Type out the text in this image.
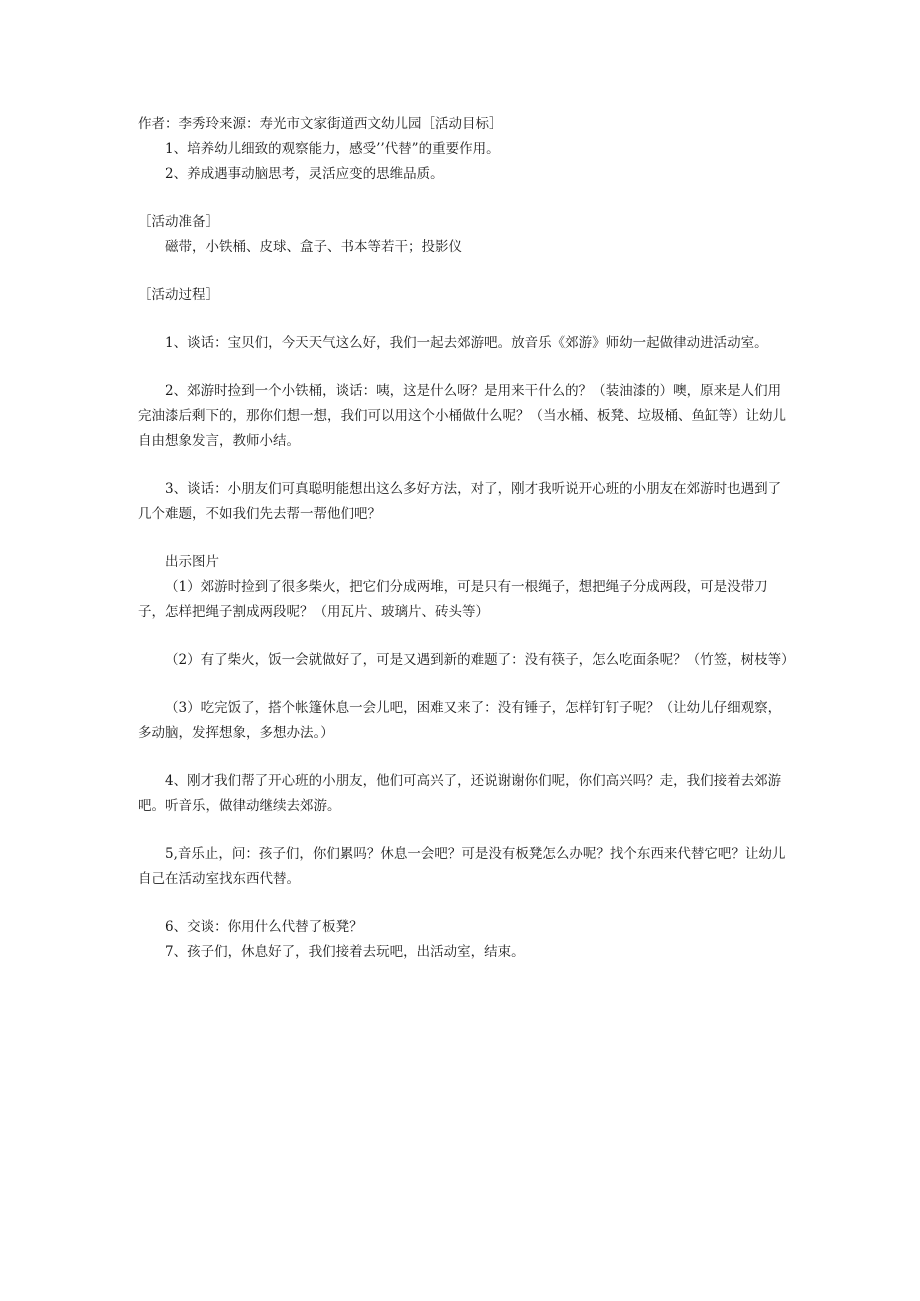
作者：李秀玲来源：寿光市文家街道西文幼儿园［活动目标］

1、培养幼儿细致的观察能力，感受’’代替”的重要作用。

2、养成遇事动脑思考，灵活应变的思维品质。

［活动准备］

磁带，小铁桶、皮球、盒子、书本等若干；投影仪

［活动过程］

1、谈话：宝贝们，今天天气这么好，我们一起去郊游吧。放音乐《郊游》师幼一起做律动进活动室。

2、郊游时捡到一个小铁桶，谈话：咦，这是什么呀？是用来干什么的？（装油漆的）噢，原来是人们用完油漆后剩下的，那你们想一想，我们可以用这个小桶做什么呢？（当水桶、板凳、垃圾桶、鱼缸等）让幼儿自由想象发言，教师小结。

3、谈话：小朋友们可真聪明能想出这么多好方法，对了，刚才我听说开心班的小朋友在郊游时也遇到了几个难题，不如我们先去帮一帮他们吧？

出示图片

（1）郊游时捡到了很多柴火，把它们分成两堆，可是只有一根绳子，想把绳子分成两段，可是没带刀子，怎样把绳子割成两段呢？（用瓦片、玻璃片、砖头等）

（2）有了柴火，饭一会就做好了，可是又遇到新的难题了：没有筷子，怎么吃面条呢？（竹签，树枝等）

（3）吃完饭了，搭个帐篷休息一会儿吧，困难又来了：没有锤子，怎样钉钉子呢？（让幼儿仔细观察，多动脑，发挥想象，多想办法。）

4、刚才我们帮了开心班的小朋友，他们可高兴了，还说谢谢你们呢，你们高兴吗？走，我们接着去郊游吧。听音乐，做律动继续去郊游。

5,音乐止，问：孩子们，你们累吗？休息一会吧？可是没有板凳怎么办呢？找个东西来代替它吧？让幼儿自己在活动室找东西代替。

6、交谈：你用什么代替了板凳？

7、孩子们，休息好了，我们接着去玩吧，出活动室，结束。
